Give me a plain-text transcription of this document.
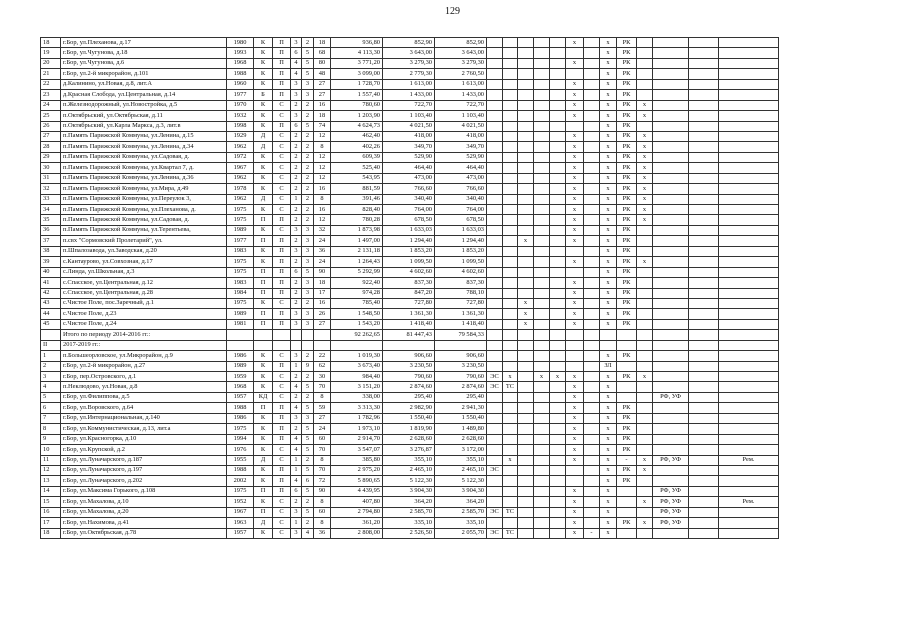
129
18	г.Бор, ул.Плеханова, д.17	1980	К	П	3	2	18	936,80	852,90	852,90						x		x	РК				
19	г.Бор, ул.Чугунова, д.18	1993	К	П	6	5	68	4 113,30	3 643,00	3 643,00								x	РК				
20	г.Бор, ул.Чугунова, д.6	1968	К	П	4	5	80	3 771,20	3 279,30	3 279,30						x		x	РК				
21	г.Бор, ул.2-й микрорайон, д.101	1988	К	П	4	5	48	3 099,00	2 779,30	2 760,50								x	РК				
22	д.Калинино, ул.Новая, д.8, лит.А	1960	К	П	3	3	27	1 728,70	1 613,00	1 613,00						x		x	РК				
23	д.Красная Слобода, ул.Центральная, д.14	1977	Б	П	3	3	27	1 557,40	1 433,00	1 433,00						x		x	РК				
24	п.Железнодорожный, ул.Новостройка, д.5	1970	К	С	2	2	16	780,60	722,70	722,70						x		x	РК	x			
25	п.Октябрьский, ул.Октябрьская, д.11	1932	К	С	3	2	18	1 203,90	1 103,40	1 103,40						x		x	РК	x			
26	п.Октябрьский, ул.Карла Маркса, д.3, лит.в	1998	К	П	6	5	74	4 624,73	4 021,50	4 021,50								x	РК				
27	п.Память Парижской Коммуны, ул.Ленина, д.15	1929	Д	С	2	2	12	462,40	418,00	418,00						x		x	РК	x			
28	п.Память Парижской Коммуны, ул.Ленина, д.34	1962	Д	С	2	2	8	402,26	349,70	349,70						x		x	РК	x			
29	п.Память Парижской Коммуны, ул.Садовая, д.	1972	К	С	2	2	12	609,39	529,90	529,90						x		x	РК	x			
30	п.Память Парижской Коммуны, ул.Квартал 7, д.	1967	К	С	2	2	12	525,40	464,40	464,40						x		x	РК	x			
31	п.Память Парижской Коммуны, ул.Ленина, д.36	1962	К	С	2	2	12	543,95	473,00	473,00						x		x	РК	x			
32	п.Память Парижской Коммуны, ул.Мира, д.49	1978	К	С	2	2	16	881,59	766,60	766,60						x		x	РК	x			
33	п.Память Парижской Коммуны, ул.Переулок 3,	1962	Д	С	1	2	8	391,46	340,40	340,40						x		x	РК	x			
34	п.Память Парижской Коммуны, ул.Плеханова, д.	1975	К	С	2	2	16	828,40	764,00	764,00						x		x	РК	x			
35	п.Память Парижской Коммуны, ул.Садовая, д.	1975	П	П	2	2	12	780,28	678,50	678,50						x		x	РК	x			
36	п.Память Парижской Коммуны, ул.Терентьева,	1989	К	С	3	3	32	1 873,98	1 633,03	1 633,03						x		x	РК				
37	п.свх "Сормовский Пролетарий", ул.	1977	П	П	2	3	24	1 497,00	1 294,40	1 294,40			x			x		x	РК				
38	п.Шпалозавода, ул.Заводская, д.20	1983	К	П	3	3	36	2 131,18	1 853,20	1 853,20								x	РК				
39	с.Кантаурово, ул.Совхозная, д.17	1975	К	П	2	3	24	1 264,43	1 099,50	1 099,50						x		x	РК	x			
40	с.Линда, ул.Школьная, д.3	1975	П	П	6	5	90	5 292,99	4 602,60	4 602,60								x	РК				
41	с.Спасское, ул.Центральная, д.12	1983	П	П	2	3	18	922,40	837,30	837,30						x		x	РК				
42	с.Спасское, ул.Центральная, д.28	1984	П	П	2	3	17	974,28	847,20	788,10						x		x	РК				
43	с.Чистое Поле, пос.Заречный, д.1	1975	К	С	2	2	16	785,40	727,80	727,80			x			x		x	РК				
44	с.Чистое Поле, д.23	1989	П	П	3	3	26	1 548,50	1 361,30	1 361,30			x			x		x	РК				
45	с.Чистое Поле, д.24	1981	П	П	3	3	27	1 543,20	1 418,40	1 418,40			x			x		x	РК				
	Итого по периоду 2014-2016 гг.:							92 262,65	81 447,43	79 584,33													
II	2017-2019 гг.:																						
1	п.Большеорловское, ул.Микрорайон, д.9	1986	К	С	3	2	22	1 019,30	906,60	906,60								x	РК				
2	г.Бор, ул.2-й микрорайон, д.27	1989	К	П	1	9	62	3 673,40	3 230,50	3 230,50								ЗЛ					
3	г.Бор, пер.Островского, д.1	1959	К	С	2	2	30	984,40	790,60	790,60	ЭС	x		x	x	x		x	РК	x			
4	п.Неклюдово, ул.Новая, д.8	1968	К	С	4	5	70	3 151,20	2 874,60	2 874,60	ЭС	ТС				x		x					
5	г.Бор, ул.Филиппова, д.5	1957	КД	С	2	2	8	338,00	295,40	295,40						x		x			РФ, УФ		
6	г.Бор, ул.Воровского, д.64	1988	П	П	4	5	59	3 313,30	2 982,90	2 941,30						x		x	РК				
7	г.Бор, ул.Интернациональная, д.140	1986	К	П	3	3	27	1 782,96	1 550,40	1 550,40						x		x	РК				
8	г.Бор, ул.Коммунистическая, д.13, лит.а	1975	К	П	2	5	24	1 973,10	1 819,90	1 489,80						x		x	РК				
9	г.Бор, ул.Красногорка, д.10	1994	К	П	4	5	60	2 914,70	2 628,60	2 628,60						x		x	РК				
10	г.Бор, ул.Крупской, д.2	1976	К	С	4	5	70	3 547,07	3 276,87	3 172,00						x		x	РК				
11	г.Бор, ул.Луначарского, д.187	1955	Д	С	1	2	8	385,80	355,10	355,10		x				x		x	-	x	РФ, УФ		Рем.
12	г.Бор, ул.Луначарского, д.197	1988	К	П	1	5	70	2 975,20	2 465,10	2 465,10	ЭС							x	РК	x			
13	г.Бор, ул.Луначарского, д.202	2002	К	П	4	6	72	5 890,65	5 122,30	5 122,30								x	РК				
14	г.Бор, ул.Максима Горького, д.108	1975	П	П	6	5	90	4 439,95	3 904,30	3 904,30						x		x			РФ, УФ		
15	г.Бор, ул.Махалова, д.10	1952	К	С	2	2	8	407,80	364,20	364,20						x		x		x	РФ, УФ		Рем.
16	г.Бор, ул.Махалова, д.20	1967	П	С	3	5	60	2 794,80	2 585,70	2 585,70	ЭС	ТС				x		x			РФ, УФ		
17	г.Бор, ул.Нахимова, д.41	1963	Д	С	1	2	8	361,20	335,10	335,10						x		x	РК	x	РФ, УФ		
18	г.Бор, ул.Октябрьская, д.78	1957	К	С	3	4	36	2 808,00	2 526,50	2 055,70	ЭС	ТС				x	-	x					
